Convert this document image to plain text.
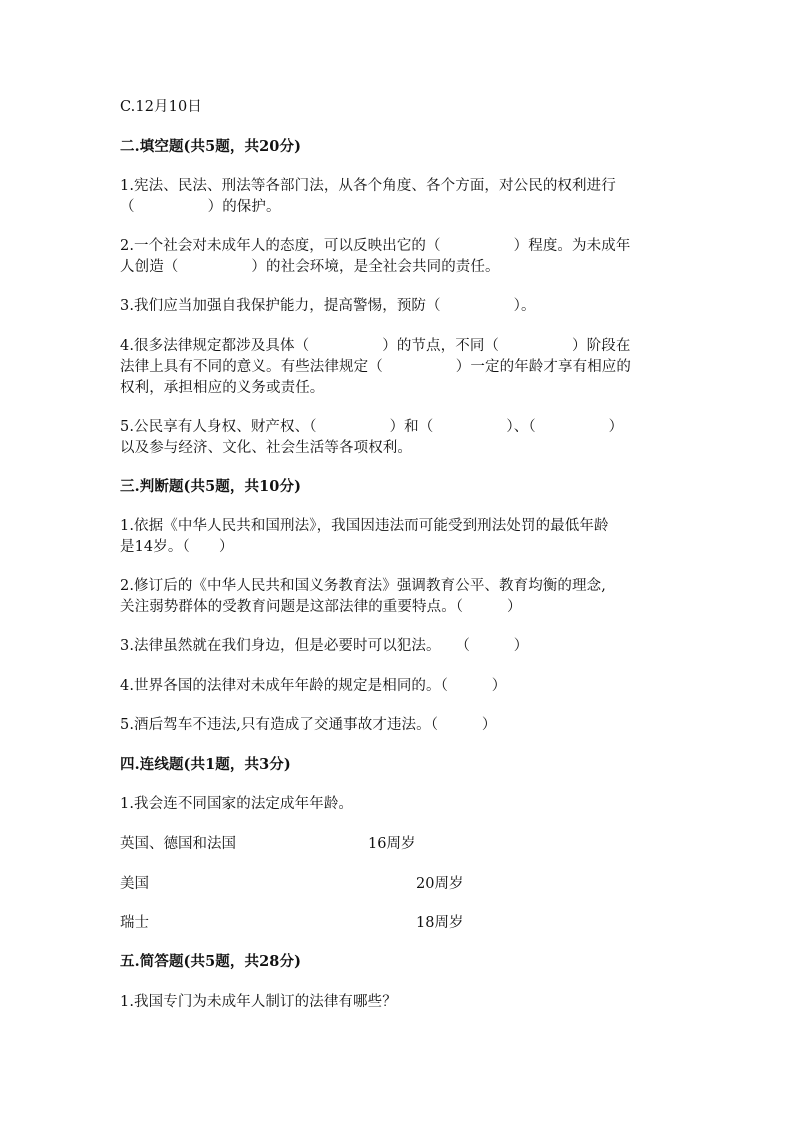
C.12月10日

二.填空题(共5题，共20分)

1.宪法、民法、刑法等各部门法，从各个角度、各个方面，对公民的权利进行

（　　　　　）的保护。

2.一个社会对未成年人的态度，可以反映出它的（　　　　　）程度。为未成年

人创造（　　　　　）的社会环境，是全社会共同的责任。

3.我们应当加强自我保护能力，提高警惕，预防（　　　　　）。

4.很多法律规定都涉及具体（　　　　　）的节点，不同（　　　　　）阶段在

法律上具有不同的意义。有些法律规定（　　　　　）一定的年龄才享有相应的

权利，承担相应的义务或责任。

5.公民享有人身权、财产权、（　　　　　）和（　　　　　）、（　　　　　）

以及参与经济、文化、社会生活等各项权利。

三.判断题(共5题，共10分)

1.依据《中华人民共和国刑法》，我国因违法而可能受到刑法处罚的最低年龄

是14岁。（　　）

2.修订后的《中华人民共和国义务教育法》强调教育公平、教育均衡的理念,

关注弱势群体的受教育问题是这部法律的重要特点。（　　　）

3.法律虽然就在我们身边，但是必要时可以犯法。　　（　　　）

4.世界各国的法律对未成年年龄的规定是相同的。（　　　）

5.酒后驾车不违法,只有造成了交通事故才违法。（　　　）

四.连线题(共1题，共3分)

1.我会连不同国家的法定成年年龄。

英国、德国和法国	16周岁

美国	20周岁

瑞士	18周岁

五.简答题(共5题，共28分)

1.我国专门为未成年人制订的法律有哪些？
